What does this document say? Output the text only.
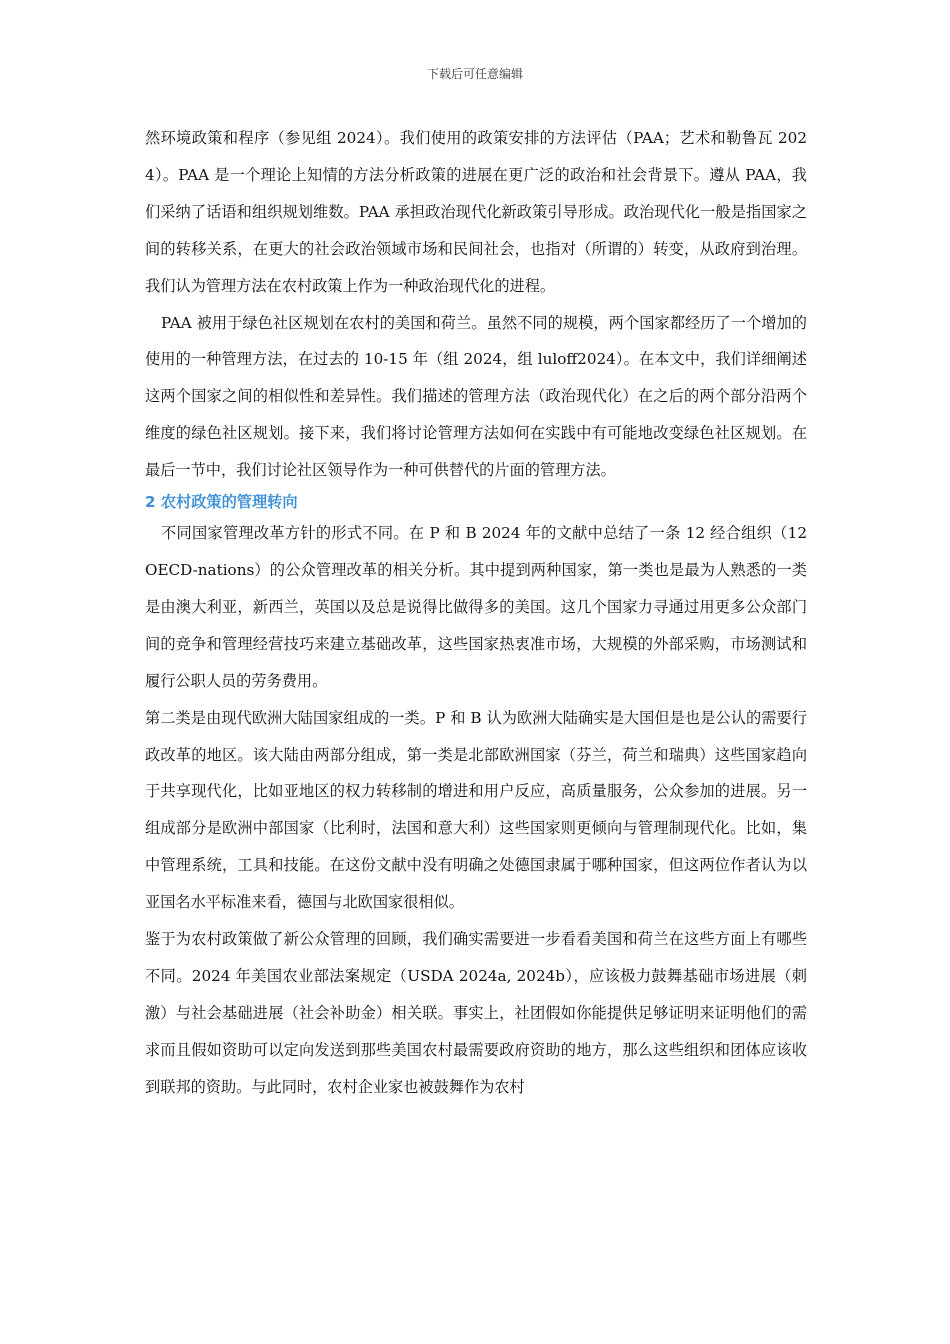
下载后可任意编辑

然环境政策和程序（参见组 2024）。我们使用的政策安排的方法评估（PAA；艺术和勒鲁瓦 2024）。PAA 是一个理论上知情的方法分析政策的进展在更广泛的政治和社会背景下。遵从 PAA，我们采纳了话语和组织规划维数。PAA 承担政治现代化新政策引导形成。政治现代化一般是指国家之间的转移关系，在更大的社会政治领域市场和民间社会，也指对（所谓的）转变，从政府到治理。我们认为管理方法在农村政策上作为一种政治现代化的进程。

PAA 被用于绿色社区规划在农村的美国和荷兰。虽然不同的规模，两个国家都经历了一个增加的使用的一种管理方法，在过去的 10-15 年（组 2024，组 luloff2024）。在本文中，我们详细阐述这两个国家之间的相似性和差异性。我们描述的管理方法（政治现代化）在之后的两个部分沿两个维度的绿色社区规划。接下来，我们将讨论管理方法如何在实践中有可能地改变绿色社区规划。在最后一节中，我们讨论社区领导作为一种可供替代的片面的管理方法。

2 农村政策的管理转向

不同国家管理改革方针的形式不同。在 P 和 B 2024 年的文献中总结了一条 12 经合组织（12 OECD-nations）的公众管理改革的相关分析。其中提到两种国家，第一类也是最为人熟悉的一类是由澳大利亚，新西兰，英国以及总是说得比做得多的美国。这几个国家力寻通过用更多公众部门间的竞争和管理经营技巧来建立基础改革，这些国家热衷准市场，大规模的外部采购，市场测试和履行公职人员的劳务费用。

第二类是由现代欧洲大陆国家组成的一类。P 和 B 认为欧洲大陆确实是大国但是也是公认的需要行政改革的地区。该大陆由两部分组成，第一类是北部欧洲国家（芬兰，荷兰和瑞典）这些国家趋向于共享现代化，比如亚地区的权力转移制的增进和用户反应，高质量服务，公众参加的进展。另一组成部分是欧洲中部国家（比利时，法国和意大利）这些国家则更倾向与管理制现代化。比如，集中管理系统，工具和技能。在这份文献中没有明确之处德国隶属于哪种国家，但这两位作者认为以亚国名水平标准来看，德国与北欧国家很相似。

鉴于为农村政策做了新公众管理的回顾，我们确实需要进一步看看美国和荷兰在这些方面上有哪些不同。2024 年美国农业部法案规定（USDA 2024a, 2024b），应该极力鼓舞基础市场进展（刺激）与社会基础进展（社会补助金）相关联。事实上，社团假如你能提供足够证明来证明他们的需求而且假如资助可以定向发送到那些美国农村最需要政府资助的地方，那么这些组织和团体应该收到联邦的资助。与此同时，农村企业家也被鼓舞作为农村
